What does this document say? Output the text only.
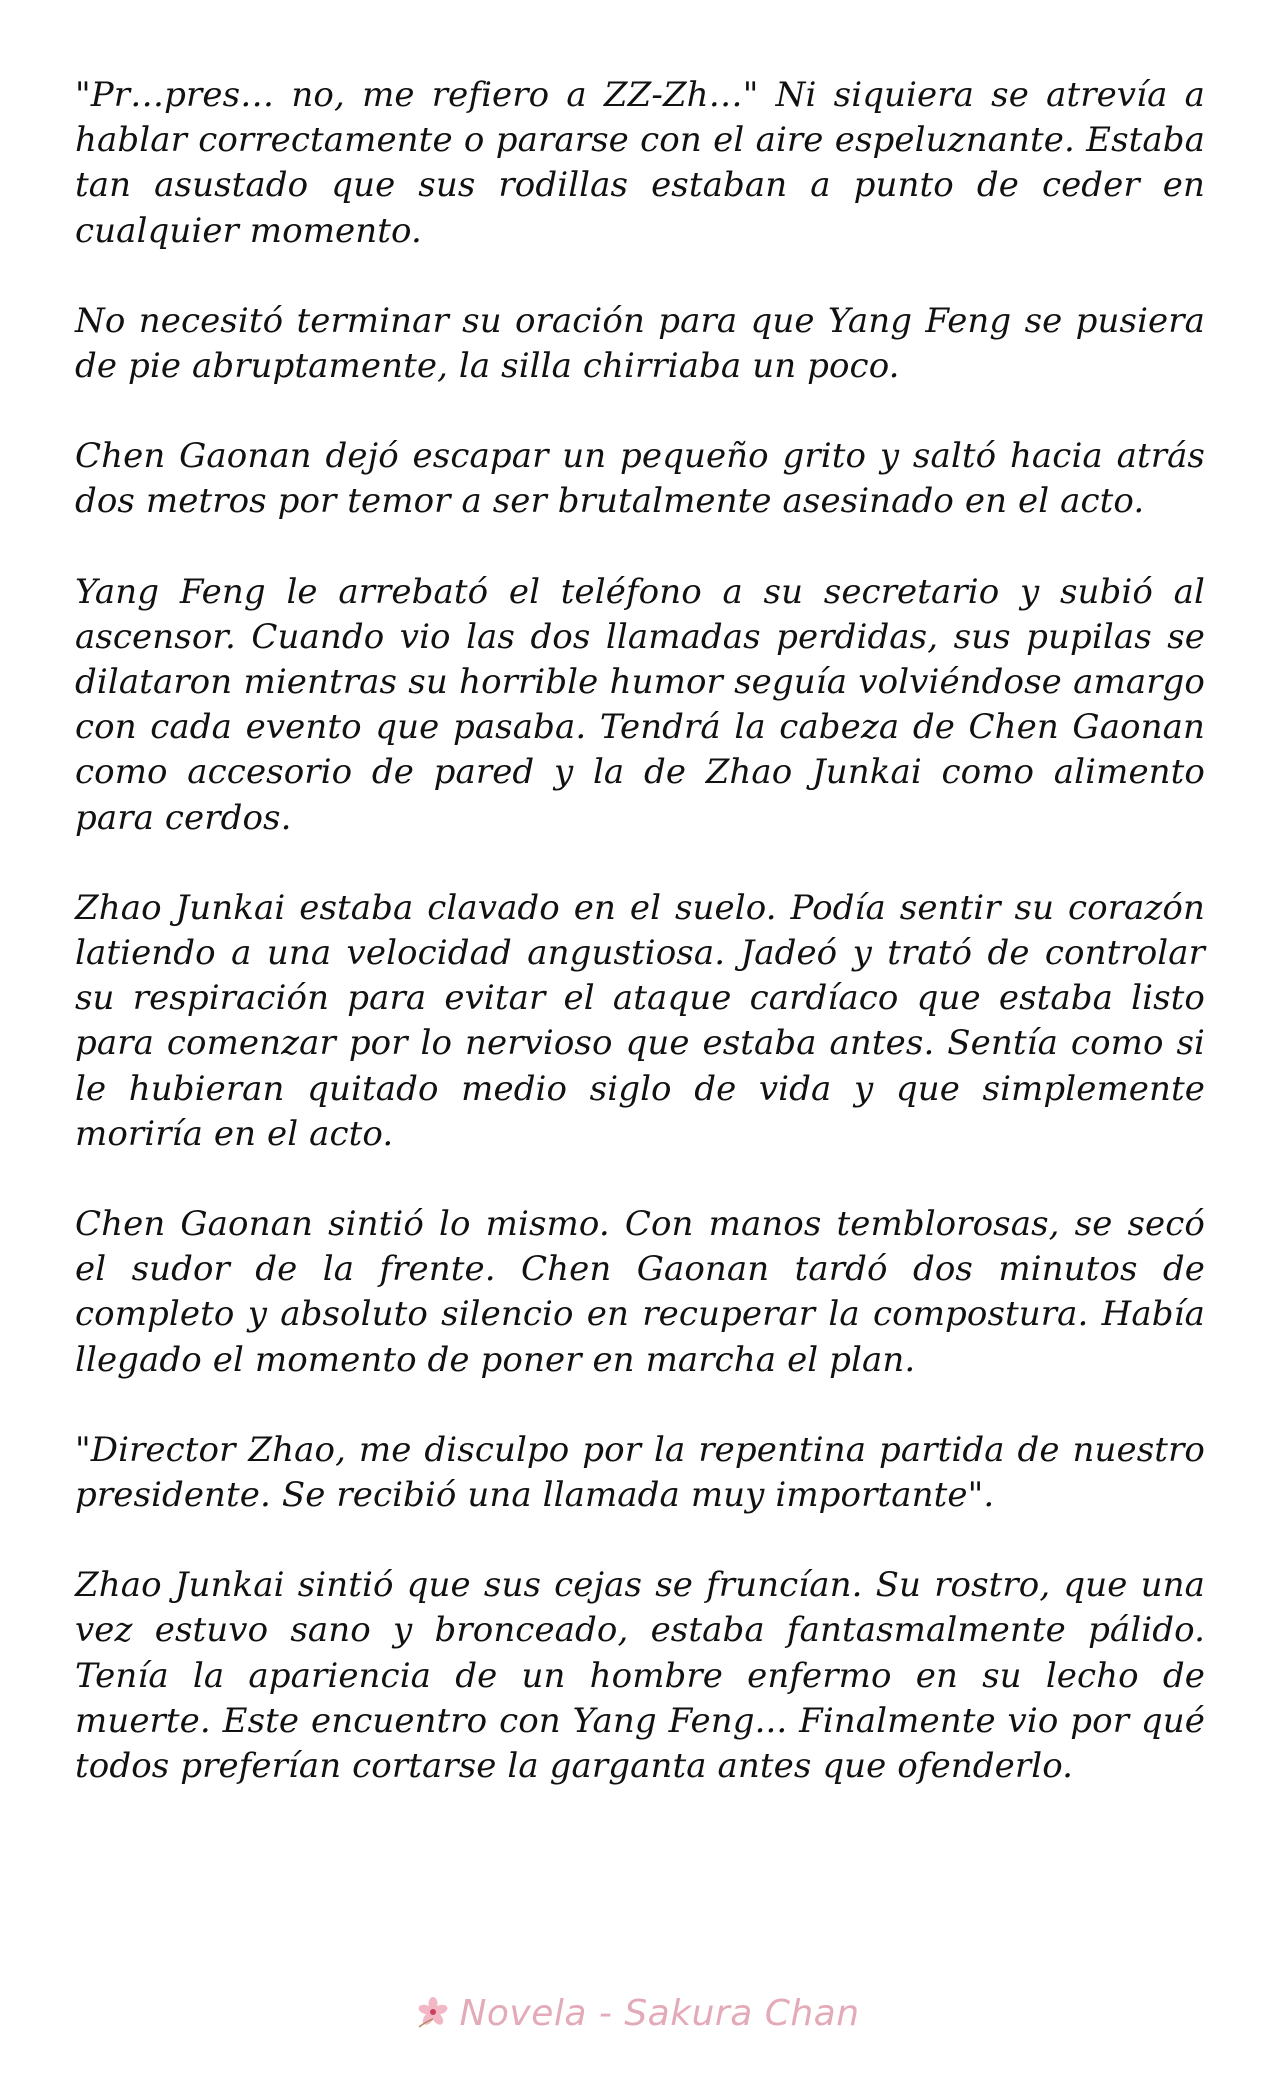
"Pr…pres… no, me refiero a ZZ-Zh…" Ni siquiera se atrevía a hablar correctamente o pararse con el aire espeluznante. Estaba tan asustado que sus rodillas estaban a punto de ceder en cualquier momento.

No necesitó terminar su oración para que Yang Feng se pusiera de pie abruptamente, la silla chirriaba un poco.

Chen Gaonan dejó escapar un pequeño grito y saltó hacia atrás dos metros por temor a ser brutalmente asesinado en el acto.

Yang Feng le arrebató el teléfono a su secretario y subió al ascensor. Cuando vio las dos llamadas perdidas, sus pupilas se dilataron mientras su horrible humor seguía volviéndose amargo con cada evento que pasaba. Tendrá la cabeza de Chen Gaonan como accesorio de pared y la de Zhao Junkai como alimento para cerdos.

Zhao Junkai estaba clavado en el suelo. Podía sentir su corazón latiendo a una velocidad angustiosa. Jadeó y trató de controlar su respiración para evitar el ataque cardíaco que estaba listo para comenzar por lo nervioso que estaba antes. Sentía como si le hubieran quitado medio siglo de vida y que simplemente moriría en el acto.

Chen Gaonan sintió lo mismo. Con manos temblorosas, se secó el sudor de la frente. Chen Gaonan tardó dos minutos de completo y absoluto silencio en recuperar la compostura. Había llegado el momento de poner en marcha el plan.

"Director Zhao, me disculpo por la repentina partida de nuestro presidente. Se recibió una llamada muy importante".

Zhao Junkai sintió que sus cejas se fruncían. Su rostro, que una vez estuvo sano y bronceado, estaba fantasmalmente pálido. Tenía la apariencia de un hombre enfermo en su lecho de muerte. Este encuentro con Yang Feng... Finalmente vio por qué todos preferían cortarse la garganta antes que ofenderlo.

Novela - Sakura Chan
